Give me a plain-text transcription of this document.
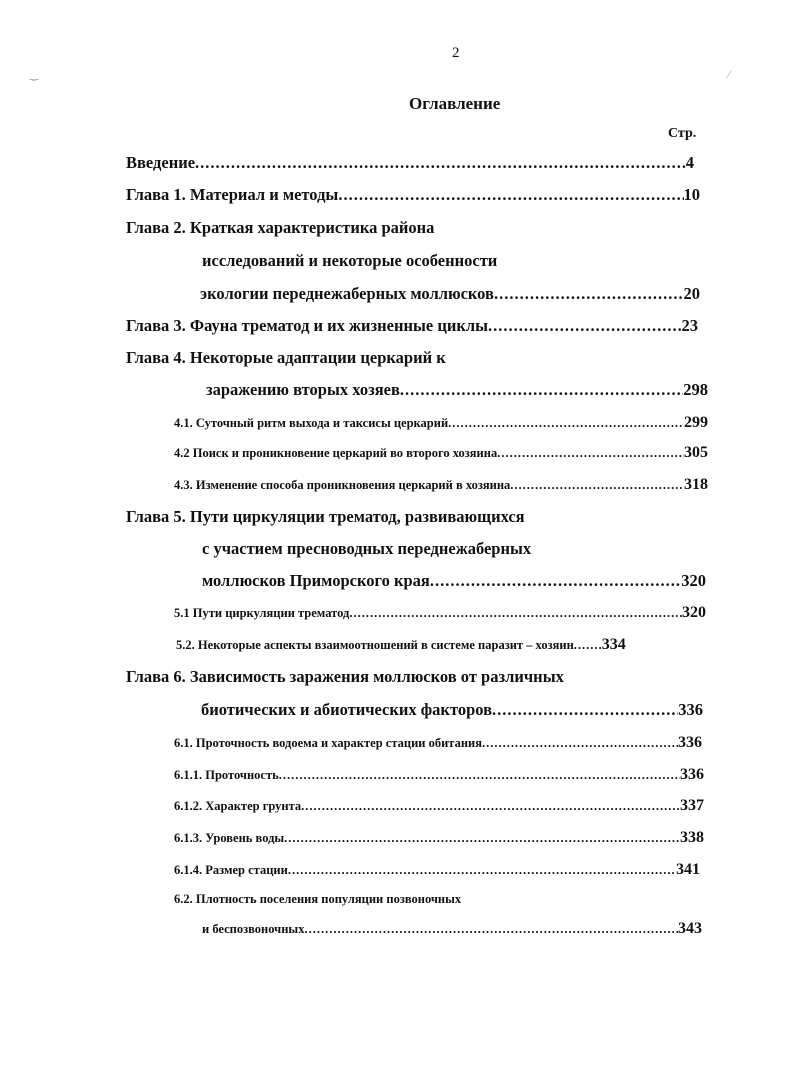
2
Оглавление
Стр.
‿	⁄
Введение .....	4
Глава 1. Материал и методы .....	10
Глава 2. Краткая характеристика района
исследований и некоторые особенности
экологии переднежаберных моллюсков .....	20
Глава 3. Фауна трематод и их жизненные циклы .....	23
Глава 4. Некоторые адаптации церкарий к
заражению вторых хозяев .....	298
4.1. Суточный ритм выхода и таксисы церкарий .....	299
4.2 Поиск и проникновение церкарий во второго хозяина .....	305
4.3. Изменение способа проникновения церкарий в хозяина .....	318
Глава 5. Пути циркуляции трематод, развивающихся
с участием пресноводных переднежаберных
моллюсков Приморского края .....	320
5.1 Пути циркуляции трематод .....	320
5.2. Некоторые аспекты взаимоотношений в системе паразит – хозяин ..... 334
Глава 6. Зависимость заражения моллюсков от различных
биотических и абиотических факторов .....	336
6.1. Проточность водоема и характер стации обитания .....	336
6.1.1. Проточность .....	336
6.1.2. Характер грунта .....	337
6.1.3. Уровень воды .....	338
6.1.4. Размер стации .....	341
6.2. Плотность поселения популяции позвоночных
и беспозвоночных .....	343
